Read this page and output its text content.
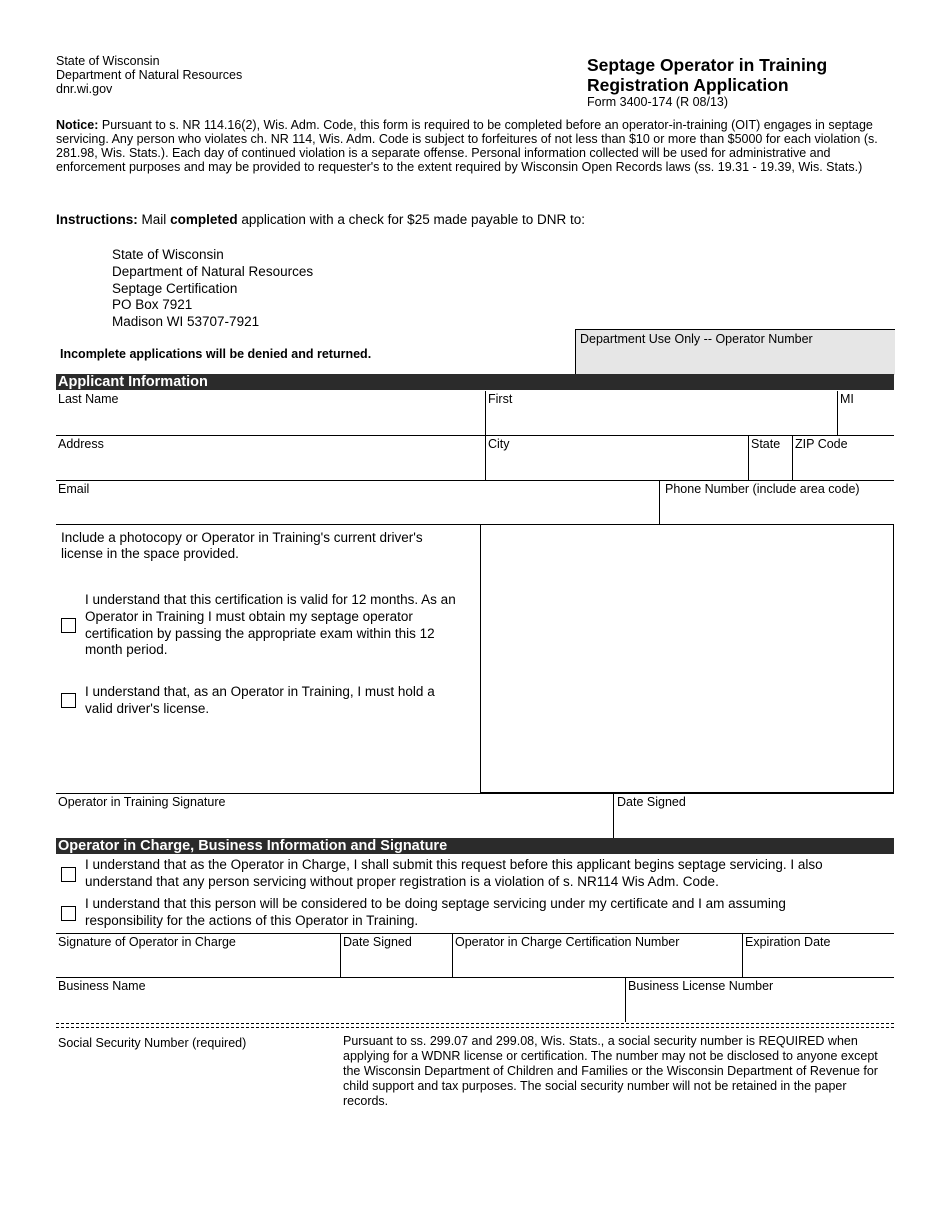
State of Wisconsin
Department of Natural Resources
dnr.wi.gov
Septage Operator in Training
Registration Application
Form 3400-174 (R 08/13)
Notice: Pursuant to s. NR 114.16(2), Wis. Adm. Code, this form is required to be completed before an operator-in-training (OIT) engages in septage servicing. Any person who violates ch. NR 114, Wis. Adm. Code is subject to forfeitures of not less than $10 or more than $5000 for each violation (s. 281.98, Wis. Stats.). Each day of continued violation is a separate offense. Personal information collected will be used for administrative and enforcement purposes and may be provided to requester's to the extent required by Wisconsin Open Records laws (ss. 19.31 - 19.39, Wis. Stats.)
Instructions: Mail completed application with a check for $25 made payable to DNR to:
State of Wisconsin
Department of Natural Resources
Septage Certification
PO Box 7921
Madison WI 53707-7921
Incomplete applications will be denied and returned.
Department Use Only -- Operator Number
Applicant Information
Last Name	First	MI
Address	City	State	ZIP Code
Email	Phone Number (include area code)
Include a photocopy or Operator in Training's current driver's license in the space provided.
I understand that this certification is valid for 12 months. As an Operator in Training I must obtain my septage operator certification by passing the appropriate exam within this 12 month period.
I understand that, as an Operator in Training, I must hold a valid driver's license.
Operator in Training Signature	Date Signed
Operator in Charge, Business Information and Signature
I understand that as the Operator in Charge, I shall submit this request before this applicant begins septage servicing. I also understand that any person servicing without proper registration is a violation of s. NR114 Wis Adm. Code.
I understand that this person will be considered to be doing septage servicing under my certificate and I am assuming responsibility for the actions of this Operator in Training.
Signature of Operator in Charge	Date Signed	Operator in Charge Certification Number	Expiration Date
Business Name	Business License Number
Social Security Number (required)	Pursuant to ss. 299.07 and 299.08, Wis. Stats., a social security number is REQUIRED when applying for a WDNR license or certification. The number may not be disclosed to anyone except the Wisconsin Department of Children and Families or the Wisconsin Department of Revenue for child support and tax purposes. The social security number will not be retained in the paper records.
